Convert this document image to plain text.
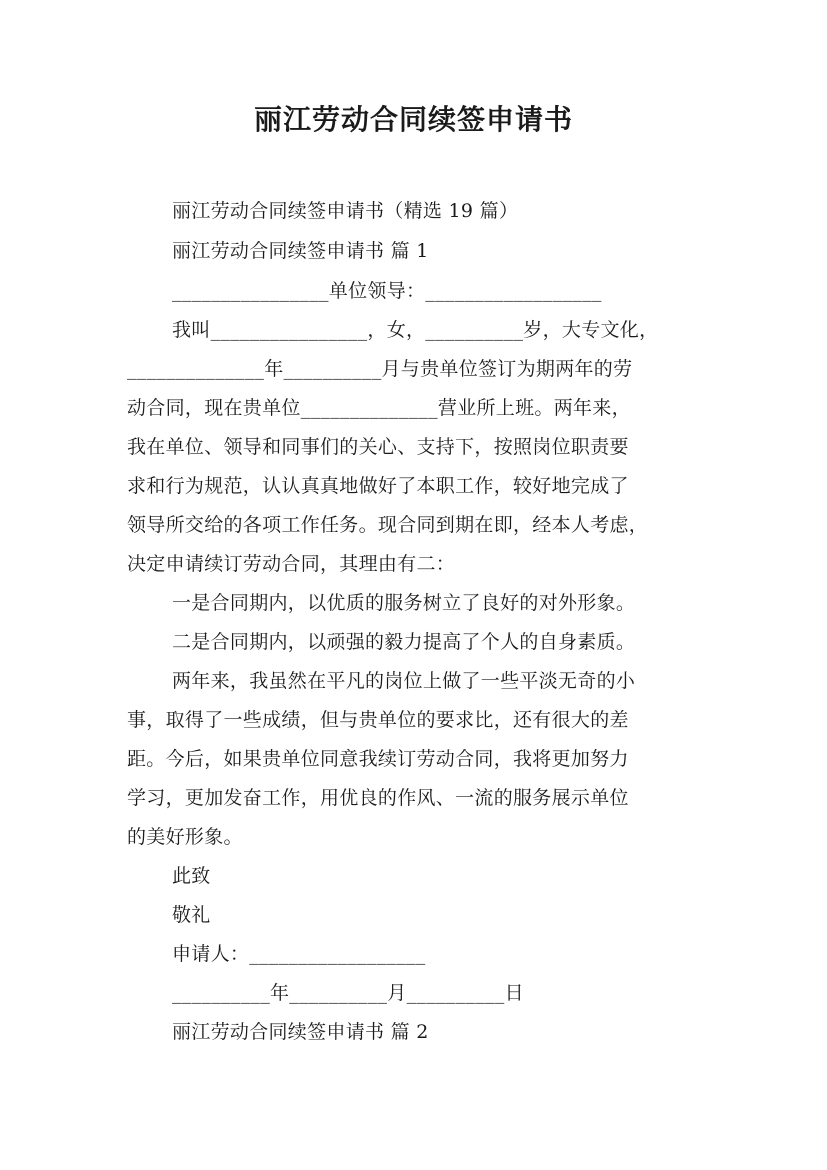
丽江劳动合同续签申请书
丽江劳动合同续签申请书（精选 19 篇）
丽江劳动合同续签申请书 篇 1
________________单位领导：__________________
我叫________________，女，__________岁，大专文化，
______________年__________月与贵单位签订为期两年的劳
动合同，现在贵单位______________营业所上班。两年来，
我在单位、领导和同事们的关心、支持下，按照岗位职责要
求和行为规范，认认真真地做好了本职工作，较好地完成了
领导所交给的各项工作任务。现合同到期在即，经本人考虑，
决定申请续订劳动合同，其理由有二：
一是合同期内，以优质的服务树立了良好的对外形象。
二是合同期内，以顽强的毅力提高了个人的自身素质。
两年来，我虽然在平凡的岗位上做了一些平淡无奇的小
事，取得了一些成绩，但与贵单位的要求比，还有很大的差
距。今后，如果贵单位同意我续订劳动合同，我将更加努力
学习，更加发奋工作，用优良的作风、一流的服务展示单位
的美好形象。
此致
敬礼
申请人：__________________
__________年__________月__________日
丽江劳动合同续签申请书 篇 2
